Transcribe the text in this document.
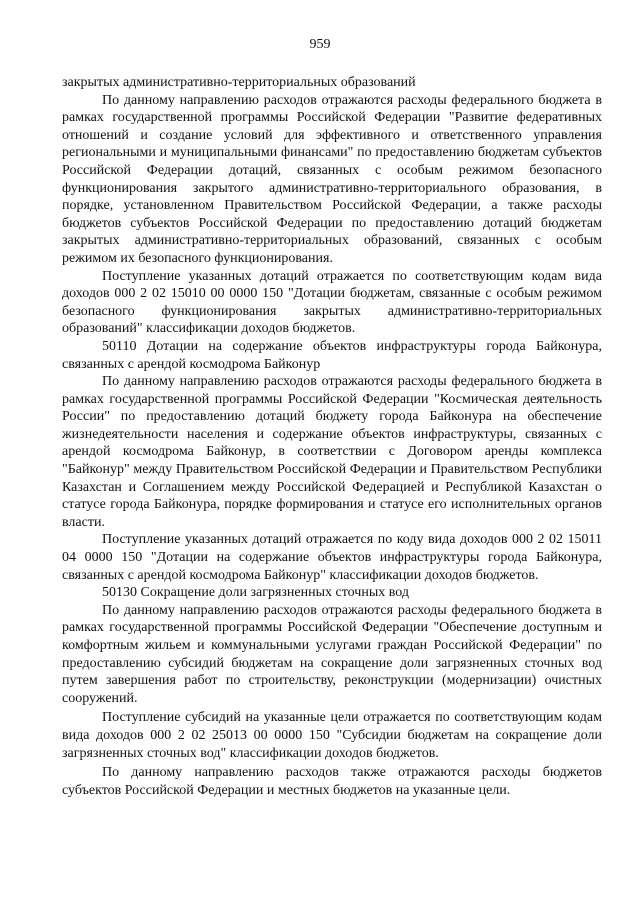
959

закрытых административно-территориальных образований

По данному направлению расходов отражаются расходы федерального бюджета в рамках государственной программы Российской Федерации "Развитие федеративных отношений и создание условий для эффективного и ответственного управления региональными и муниципальными финансами" по предоставлению бюджетам субъектов Российской Федерации дотаций, связанных с особым режимом безопасного функционирования закрытого административно-территориального образования, в порядке, установленном Правительством Российской Федерации, а также расходы бюджетов субъектов Российской Федерации по предоставлению дотаций бюджетам закрытых административно-территориальных образований, связанных с особым режимом их безопасного функционирования.

Поступление указанных дотаций отражается по соответствующим кодам вида доходов 000 2 02 15010 00 0000 150 "Дотации бюджетам, связанные с особым режимом безопасного функционирования закрытых административно-территориальных образований" классификации доходов бюджетов.

50110 Дотации на содержание объектов инфраструктуры города Байконура, связанных с арендой космодрома Байконур

По данному направлению расходов отражаются расходы федерального бюджета в рамках государственной программы Российской Федерации "Космическая деятельность России" по предоставлению дотаций бюджету города Байконура на обеспечение жизнедеятельности населения и содержание объектов инфраструктуры, связанных с арендой космодрома Байконур, в соответствии с Договором аренды комплекса "Байконур" между Правительством Российской Федерации и Правительством Республики Казахстан и Соглашением между Российской Федерацией и Республикой Казахстан о статусе города Байконура, порядке формирования и статусе его исполнительных органов власти.

Поступление указанных дотаций отражается по коду вида доходов 000 2 02 15011 04 0000 150 "Дотации на содержание объектов инфраструктуры города Байконура, связанных с арендой космодрома Байконур" классификации доходов бюджетов.

50130 Сокращение доли загрязненных сточных вод

По данному направлению расходов отражаются расходы федерального бюджета в рамках государственной программы Российской Федерации "Обеспечение доступным и комфортным жильем и коммунальными услугами граждан Российской Федерации" по предоставлению субсидий бюджетам на сокращение доли загрязненных сточных вод путем завершения работ по строительству, реконструкции (модернизации) очистных сооружений.

Поступление субсидий на указанные цели отражается по соответствующим кодам вида доходов 000 2 02 25013 00 0000 150 "Субсидии бюджетам на сокращение доли загрязненных сточных вод" классификации доходов бюджетов.

По данному направлению расходов также отражаются расходы бюджетов субъектов Российской Федерации и местных бюджетов на указанные цели.
